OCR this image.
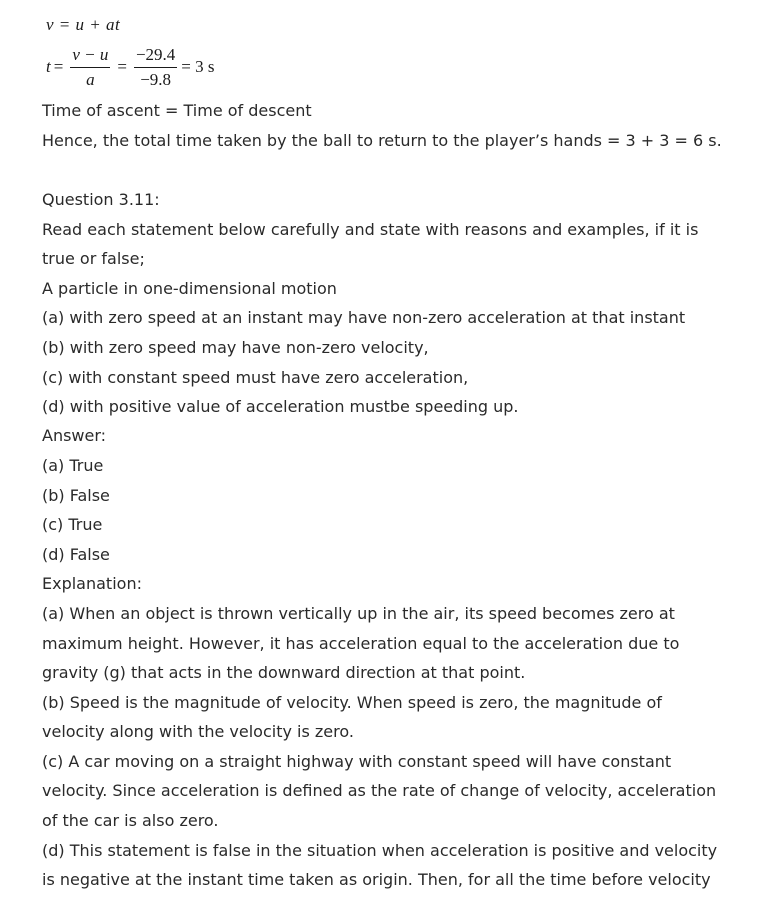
v = u + at
$t = \frac{v - u}{a} = \frac{-29.4}{-9.8} = 3$ s
Time of ascent = Time of descent
Hence, the total time taken by the ball to return to the player’s hands = 3 + 3 = 6 s.
Question 3.11:
Read each statement below carefully and state with reasons and examples, if it is
true or false;
A particle in one-dimensional motion
(a) with zero speed at an instant may have non-zero acceleration at that instant
(b) with zero speed may have non-zero velocity,
(c) with constant speed must have zero acceleration,
(d) with positive value of acceleration mustbe speeding up.
Answer:
(a) True
(b) False
(c) True
(d) False
Explanation:
(a) When an object is thrown vertically up in the air, its speed becomes zero at
maximum height. However, it has acceleration equal to the acceleration due to
gravity (g) that acts in the downward direction at that point.
(b) Speed is the magnitude of velocity. When speed is zero, the magnitude of
velocity along with the velocity is zero.
(c) A car moving on a straight highway with constant speed will have constant
velocity. Since acceleration is defined as the rate of change of velocity, acceleration
of the car is also zero.
(d) This statement is false in the situation when acceleration is positive and velocity
is negative at the instant time taken as origin. Then, for all the time before velocity
